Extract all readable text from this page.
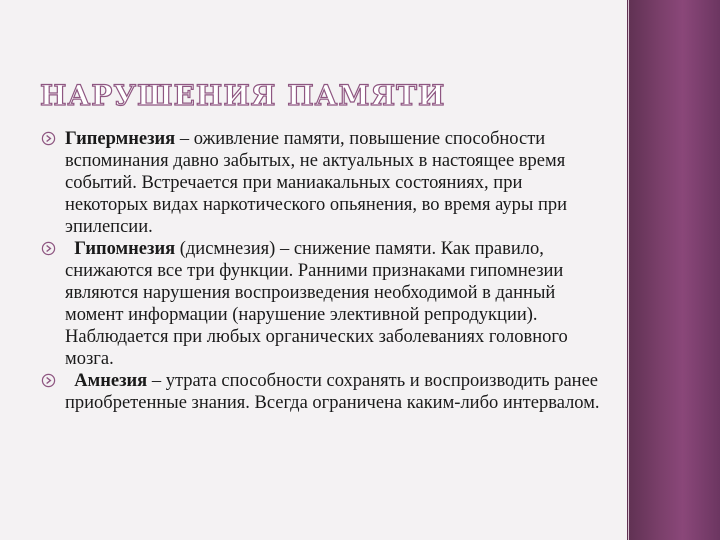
НАРУШЕНИЯ ПАМЯТИ
Гипермнезия – оживление памяти, повышение способности вспоминания давно забытых, не актуальных в настоящее время событий. Встречается при маниакальных состояниях, при некоторых видах наркотического опьянения, во время ауры при эпилепсии.
Гипомнезия (дисмнезия) – снижение памяти. Как правило, снижаются все три функции. Ранними признаками гипомнезии являются нарушения воспроизведения необходимой в данный момент информации (нарушение элективной репродукции). Наблюдается при любых органических заболеваниях головного мозга.
Амнезия – утрата способности сохранять и воспроизводить ранее приобретенные знания. Всегда ограничена каким-либо интервалом.
